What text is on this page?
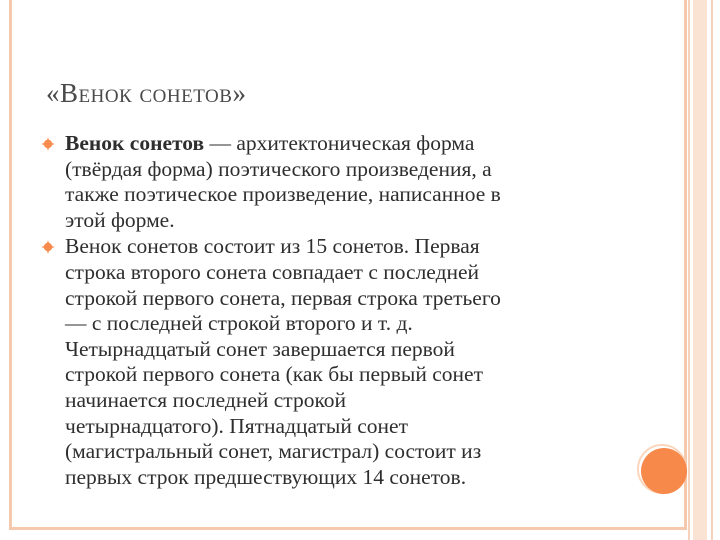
«Венок сонетов»
Венок сонетов — архитектоническая форма
(твёрдая форма) поэтического произведения, а
также поэтическое произведение, написанное в
этой форме.
Венок сонетов состоит из 15 сонетов. Первая
строка второго сонета совпадает с последней
строкой первого сонета, первая строка третьего
— с последней строкой второго и т. д.
Четырнадцатый сонет завершается первой
строкой первого сонета (как бы первый сонет
начинается последней строкой
четырнадцатого). Пятнадцатый сонет
(магистральный сонет, магистрал) состоит из
первых строк предшествующих 14 сонетов.
